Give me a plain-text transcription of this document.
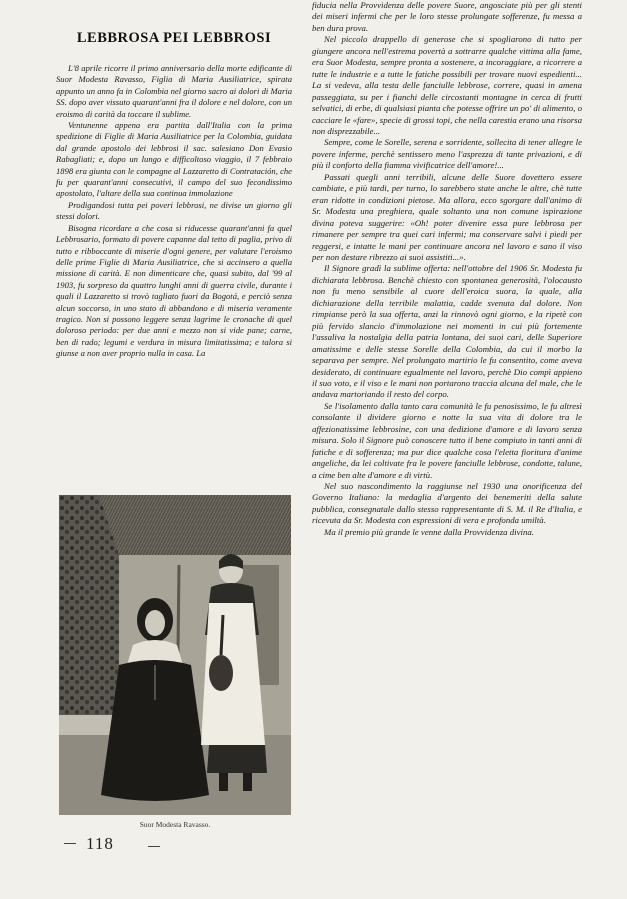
LEBBROSA PEI LEBBROSI

L'8 aprile ricorre il primo anniversario della morte edificante di Suor Modesta Ravasso, Figlia di Maria Ausiliatrice, spirata appunto un anno fa in Colombia nel giorno sacro ai dolori di Maria SS. dopo aver vissuto quarant'anni fra il dolore e nel dolore, con un eroismo di carità da toccare il sublime.

Ventunenne appena era partita dall'Italia con la prima spedizione di Figlie di Maria Ausiliatrice per la Colombia, guidata dal grande apostolo dei lebbrosi il sac. salesiano Don Evasio Rabagliati; e, dopo un lungo e difficoltoso viaggio, il 7 febbraio 1898 era giunta con le compagne al Lazzaretto di Contratación, che fu per quarant'anni consecutivi, il campo del suo fecondissimo apostolato, l'altare della sua continua immolazione

Prodigandosi tutta pei poveri lebbrosi, ne divise un giorno gli stessi dolori.

Bisogna ricordare a che cosa si riducesse quarant'anni fa quel Lebbrosario, formato di povere capanne dal tetto di paglia, privo di tutto e ribboccante di miserie d'ogni genere, per valutare l'eroismo delle prime Figlie di Maria Ausiliatrice, che si accinsero a quella missione di carità. E non dimenticare che, quasi subito, dal '99 al 1903, fu sorpreso da quattro lunghi anni di guerra civile, durante i quali il Lazzaretto si trovò tagliato fuori da Bogotá, e perciò senza alcun soccorso, in uno stato di abbandono e di miseria veramente tragico. Non si possono leggere senza lagrime le cronache di quel doloroso periodo: per due anni e mezzo non si vide pane; carne, ben di rado; legumi e verdura in misura limitatissima; e talora si giunse a non aver proprio nulla in casa. La

Suor Modesta Ravasso.
118

fiducia nella Provvidenza delle povere Suore, angosciate più per gli stenti dei miseri infermi che per le loro stesse prolungate sofferenze, fu messa a ben dura prova.

Nel piccolo drappello di generose che si spogliarono di tutto per giungere ancora nell'estrema povertà a sottrarre qualche vittima alla fame, era Suor Modesta, sempre pronta a sostenere, a incoraggiare, a ricorrere a tutte le industrie e a tutte le fatiche possibili per trovare nuovi espedienti... La si vedeva, alla testa delle fanciulle lebbrose, correre, quasi in amena passeggiata, su per i fianchi delle circostanti montagne in cerca di frutti selvatici, di erbe, di qualsiasi pianta che potesse offrire un po' di alimento, o cacciare le «fare», specie di grossi topi, che nella carestia erano una risorsa non disprezzabile...

Sempre, come le Sorelle, serena e sorridente, sollecita di tener allegre le povere inferme, perchè sentissero meno l'asprezza di tante privazioni, e di più il conforto della fiamma vivificatrice dell'amore!...

Passati quegli anni terribili, alcune delle Suore dovettero essere cambiate, e più tardi, per turno, lo sarebbero state anche le altre, chè tutte eran ridotte in condizioni pietose. Ma allora, ecco sgorgare dall'animo di Sr. Modesta una preghiera, quale soltanto una non comune ispirazione divina poteva suggerire: «Oh! poter divenire essa pure lebbrosa per rimanere per sempre tra quei cari infermi; ma conservare salvi i piedi per reggersi, e intatte le mani per continuare ancora nel lavoro e sano il viso per non destare ribrezzo ai suoi assistiti...».

Il Signore gradì la sublime offerta: nell'ottobre del 1906 Sr. Modesta fu dichiarata lebbrosa. Benchè chiesto con spontanea generosità, l'olocausto non fu meno sensibile al cuore dell'eroica suora, la quale, alla dichiarazione della terribile malattia, cadde svenuta dal dolore. Non rimpianse però la sua offerta, anzi la rinnovò ogni giorno, e la ripetè con più fervido slancio d'immolazione nei momenti in cui più fortemente l'assaliva la nostalgia della patria lontana, dei suoi cari, delle Superiore amatissime e delle stesse Sorelle della Colombia, da cui il morbo la separava per sempre. Nel prolungato martirio le fu consentito, come aveva desiderato, di continuare egualmente nel lavoro, perchè Dio compì appieno il suo voto, e il viso e le mani non portarono traccia alcuna del male, che le andava martoriando il resto del corpo.

Se l'isolamento dalla tanto cara comunità le fu penosissimo, le fu altresì consolante il dividere giorno e notte la sua vita di dolore tra le affezionatissime lebbrosine, con una dedizione d'amore e di lavoro senza misura. Solo il Signore può conoscere tutto il bene compiuto in tanti anni di fatiche e di sofferenza; ma pur dice qualche cosa l'eletta fioritura d'anime angeliche, da lei coltivate fra le povere fanciulle lebbrose, condotte, talune, a cime ben alte d'amore e di virtù.

Nel suo nascondimento la raggiunse nel 1930 una onorificenza del Governo Italiano: la medaglia d'argento dei benemeriti della salute pubblica, consegnatale dallo stesso rappresentante di S. M. il Re d'Italia, e ricevuta da Sr. Modesta con espressioni di vera e profonda umiltà.

Ma il premio più grande le venne dalla Provvidenza divina.
